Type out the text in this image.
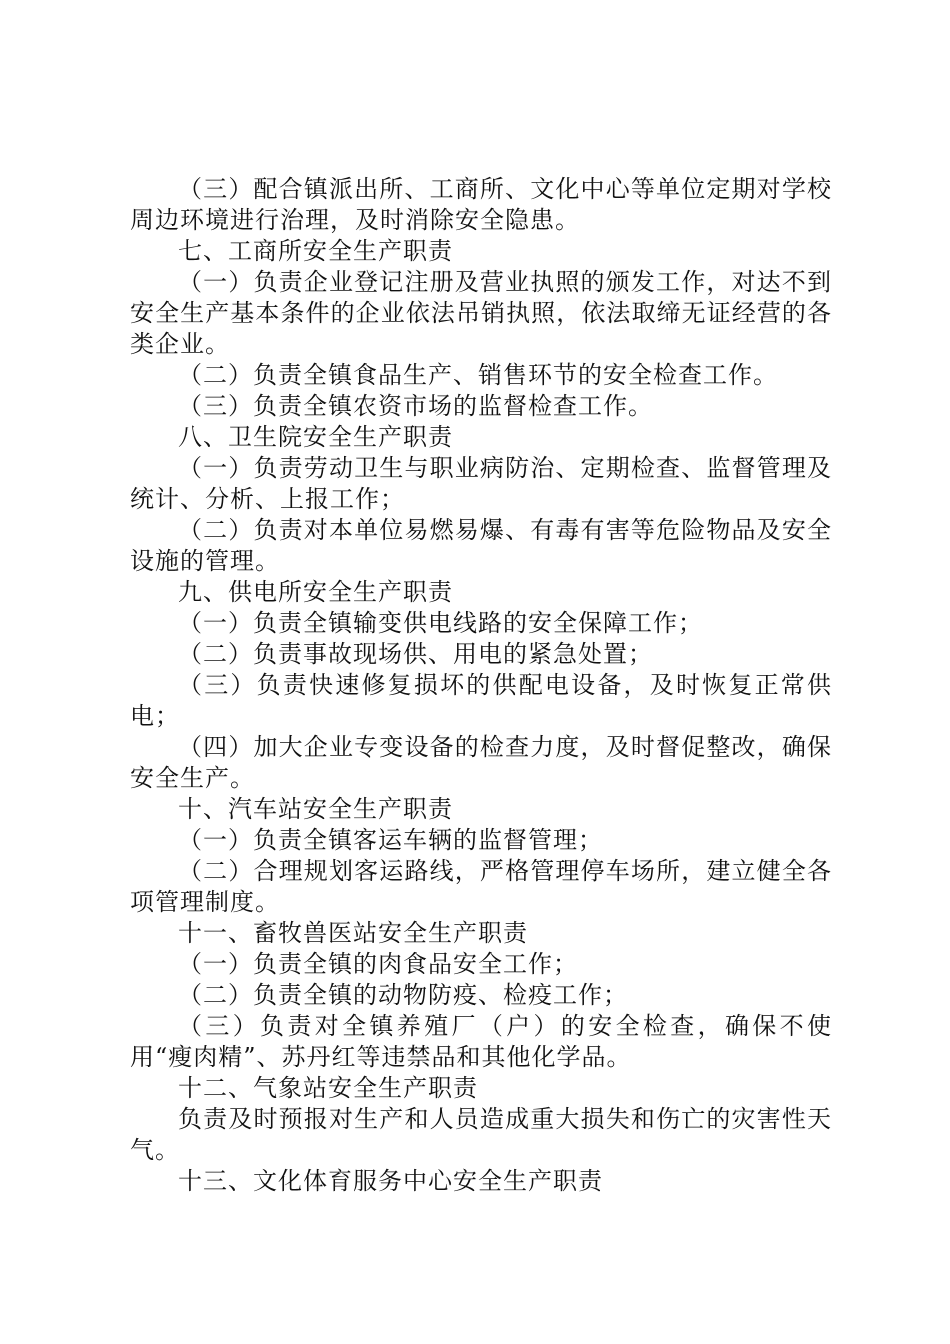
（三）配合镇派出所、工商所、文化中心等单位定期对学校周边环境进行治理，及时消除安全隐患。

七、工商所安全生产职责

（一）负责企业登记注册及营业执照的颁发工作，对达不到安全生产基本条件的企业依法吊销执照，依法取缔无证经营的各类企业。

（二）负责全镇食品生产、销售环节的安全检查工作。

（三）负责全镇农资市场的监督检查工作。

八、卫生院安全生产职责

（一）负责劳动卫生与职业病防治、定期检查、监督管理及统计、分析、上报工作；

（二）负责对本单位易燃易爆、有毒有害等危险物品及安全设施的管理。

九、供电所安全生产职责

（一）负责全镇输变供电线路的安全保障工作；

（二）负责事故现场供、用电的紧急处置；

（三）负责快速修复损坏的供配电设备，及时恢复正常供电；

（四）加大企业专变设备的检查力度，及时督促整改，确保安全生产。

十、汽车站安全生产职责

（一）负责全镇客运车辆的监督管理；

（二）合理规划客运路线，严格管理停车场所，建立健全各项管理制度。

十一、畜牧兽医站安全生产职责

（一）负责全镇的肉食品安全工作；

（二）负责全镇的动物防疫、检疫工作；

（三）负责对全镇养殖厂（户）的安全检查，确保不使用“瘦肉精”、苏丹红等违禁品和其他化学品。

十二、气象站安全生产职责

负责及时预报对生产和人员造成重大损失和伤亡的灾害性天气。

十三、文化体育服务中心安全生产职责
